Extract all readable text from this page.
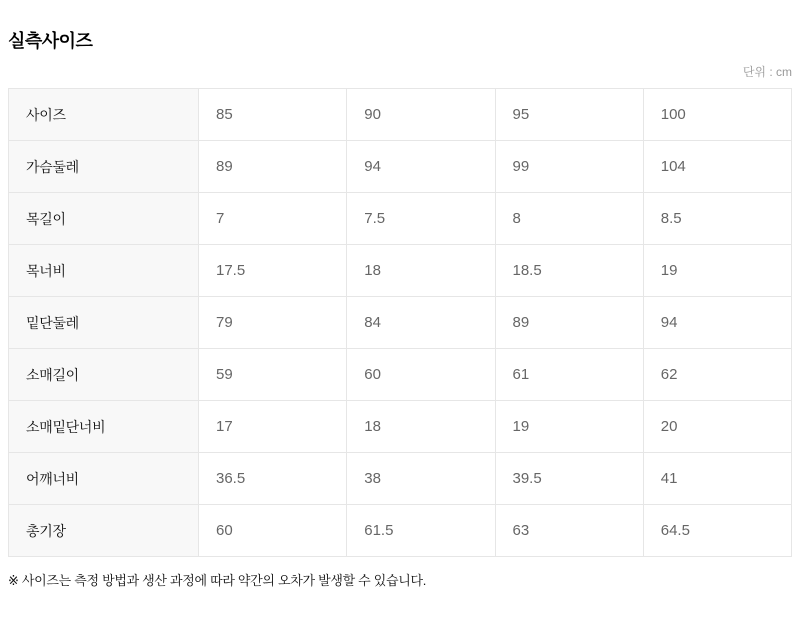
실측사이즈
단위 : cm
사이즈	85	90	95	100
가슴둘레	89	94	99	104
목길이	7	7.5	8	8.5
목너비	17.5	18	18.5	19
밑단둘레	79	84	89	94
소매길이	59	60	61	62
소매밑단너비	17	18	19	20
어깨너비	36.5	38	39.5	41
총기장	60	61.5	63	64.5
※ 사이즈는 측정 방법과 생산 과정에 따라 약간의 오차가 발생할 수 있습니다.
